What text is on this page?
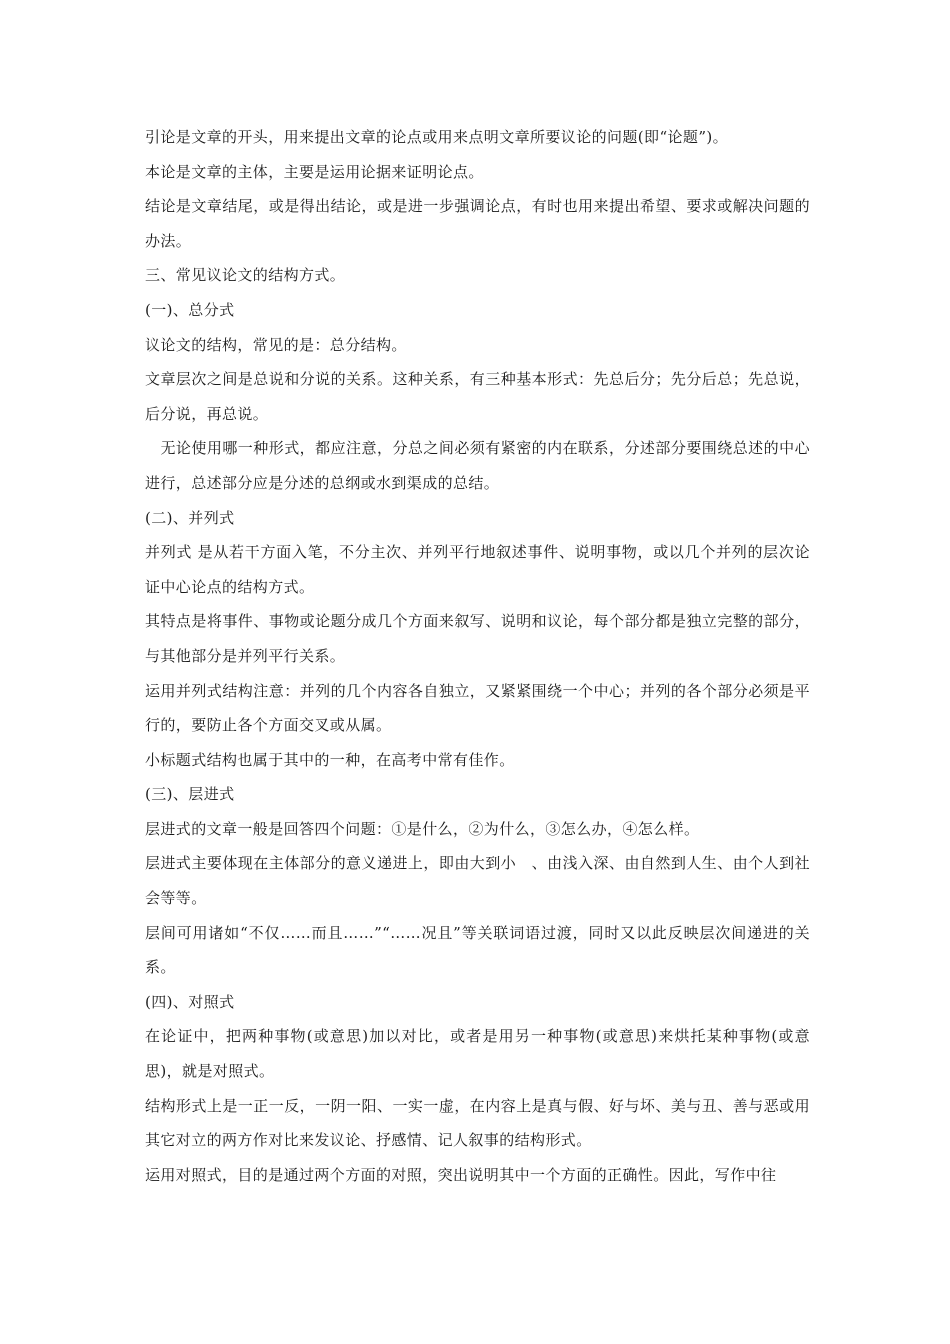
引论是文章的开头，用来提出文章的论点或用来点明文章所要议论的问题(即“论题”)。

本论是文章的主体，主要是运用论据来证明论点。

结论是文章结尾，或是得出结论，或是进一步强调论点，有时也用来提出希望、要求或解决问题的办法。

三、常见议论文的结构方式。

(一)、总分式

议论文的结构，常见的是：总分结构。

文章层次之间是总说和分说的关系。这种关系，有三种基本形式：先总后分；先分后总；先总说，后分说，再总说。

　无论使用哪一种形式，都应注意，分总之间必须有紧密的内在联系，分述部分要围绕总述的中心进行，总述部分应是分述的总纲或水到渠成的总结。

(二)、并列式

并列式 是从若干方面入笔，不分主次、并列平行地叙述事件、说明事物，或以几个并列的层次论证中心论点的结构方式。

其特点是将事件、事物或论题分成几个方面来叙写、说明和议论，每个部分都是独立完整的部分，与其他部分是并列平行关系。

运用并列式结构注意：并列的几个内容各自独立，又紧紧围绕一个中心；并列的各个部分必须是平行的，要防止各个方面交叉或从属。

小标题式结构也属于其中的一种，在高考中常有佳作。

(三)、层进式

层进式的文章一般是回答四个问题：①是什么，②为什么，③怎么办，④怎么样。

层进式主要体现在主体部分的意义递进上，即由大到小　、由浅入深、由自然到人生、由个人到社会等等。

层间可用诸如“不仅……而且……”“……况且”等关联词语过渡，同时又以此反映层次间递进的关系。

(四)、对照式

在论证中，把两种事物(或意思)加以对比，或者是用另一种事物(或意思)来烘托某种事物(或意思)，就是对照式。

结构形式上是一正一反，一阴一阳、一实一虚，在内容上是真与假、好与坏、美与丑、善与恶或用其它对立的两方作对比来发议论、抒感情、记人叙事的结构形式。

运用对照式，目的是通过两个方面的对照，突出说明其中一个方面的正确性。因此，写作中往
